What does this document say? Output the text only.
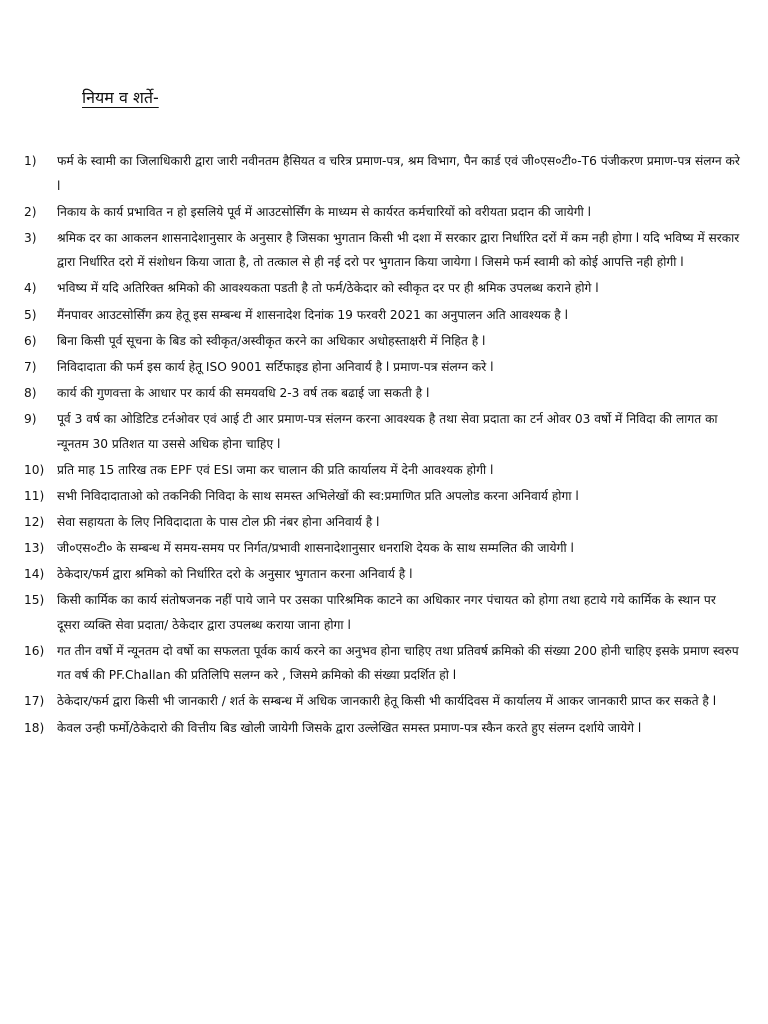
नियम व शर्ते-
1) फर्म के स्वामी का जिलाधिकारी द्वारा जारी नवीनतम हैसियत व चरित्र प्रमाण-पत्र, श्रम विभाग, पैन कार्ड एवं जी०एस०टी०-T6 पंजीकरण प्रमाण-पत्र संलग्न करे l
2) निकाय के कार्य प्रभावित न हो इसलिये पूर्व में आउटसोर्सिंग के माध्यम से कार्यरत कर्मचारियों को वरीयता प्रदान की जायेगी l
3) श्रमिक दर का आकलन शासनादेशानुसार के अनुसार है जिसका भुगतान किसी भी दशा में सरकार द्वारा निर्धारित दरों में कम नही होगा l यदि भविष्य में सरकार द्वारा निर्धारित दरो में संशोधन किया जाता है, तो तत्काल से ही नई दरो पर भुगतान किया जायेगा l जिसमे फर्म स्वामी को कोई आपत्ति नही होगी l
4) भविष्य में यदि अतिरिक्त श्रमिको की आवश्यकता पडती है तो फर्म/ठेकेदार को स्वीकृत दर पर ही श्रमिक उपलब्ध कराने होगे l
5) मैंनपावर आउटसोर्सिंग क्रय हेतू इस सम्बन्ध में शासनादेश दिनांक 19 फरवरी 2021 का अनुपालन अति आवश्यक है l
6) बिना किसी पूर्व सूचना के बिड को स्वीकृत/अस्वीकृत करने का अधिकार अधोहस्ताक्षरी में निहित है l
7) निविदादाता की फर्म इस कार्य हेतू ISO 9001 सर्टिफाइड होना अनिवार्य है l प्रमाण-पत्र संलग्न करे l
8) कार्य की गुणवत्ता के आधार पर कार्य की समयवधि 2-3 वर्ष तक बढाई जा सकती है l
9) पूर्व 3 वर्ष का ओडिटिड टर्नओवर एवं आई टी आर प्रमाण-पत्र संलग्न करना आवश्यक है तथा सेवा प्रदाता का टर्न ओवर 03 वर्षो में निविदा की लागत का न्यूनतम 30 प्रतिशत या उससे अधिक होना चाहिए l
10) प्रति माह 15 तारिख तक EPF एवं ESI जमा कर चालान की प्रति कार्यालय में देनी आवश्यक होगी l
11) सभी निविदादाताओ को तकनिकी निविदा के साथ समस्त अभिलेखों की स्व:प्रमाणित प्रति अपलोड करना अनिवार्य होगा l
12) सेवा सहायता के लिए निविदादाता के पास टोल फ्री नंबर होना अनिवार्य है l
13) जी०एस०टी० के सम्बन्ध में समय-समय पर निर्गत/प्रभावी शासनादेशानुसार धनराशि देयक के साथ सम्मलित की जायेगी l
14) ठेकेदार/फर्म द्वारा श्रमिको को निर्धारित दरो के अनुसार भुगतान करना अनिवार्य है l
15) किसी कार्मिक का कार्य संतोषजनक नहीं पाये जाने पर उसका पारिश्रमिक काटने का अधिकार नगर पंचायत को होगा तथा हटाये गये कार्मिक के स्थान पर दूसरा व्यक्ति सेवा प्रदाता/ ठेकेदार द्वारा उपलब्ध कराया जाना होगा l
16) गत तीन वर्षो में न्यूनतम दो वर्षो का सफलता पूर्वक कार्य करने का अनुभव होना चाहिए तथा प्रतिवर्ष क्रमिको की संख्या 200 होनी चाहिए इसके प्रमाण स्वरुप गत वर्ष की PF.Challan की प्रतिलिपि सलग्न करे , जिसमे क्रमिको की संख्या प्रदर्शित हो l
17) ठेकेदार/फर्म द्वारा किसी भी जानकारी / शर्त के सम्बन्ध में अधिक जानकारी हेतू किसी भी कार्यदिवस में कार्यालय में आकर जानकारी प्राप्त कर सकते है l
18) केवल उन्ही फर्मो/ठेकेदारो की वित्तीय बिड खोली जायेगी जिसके द्वारा उल्लेखित समस्त प्रमाण-पत्र स्कैन करते हुए संलग्न दर्शाये जायेगे l
